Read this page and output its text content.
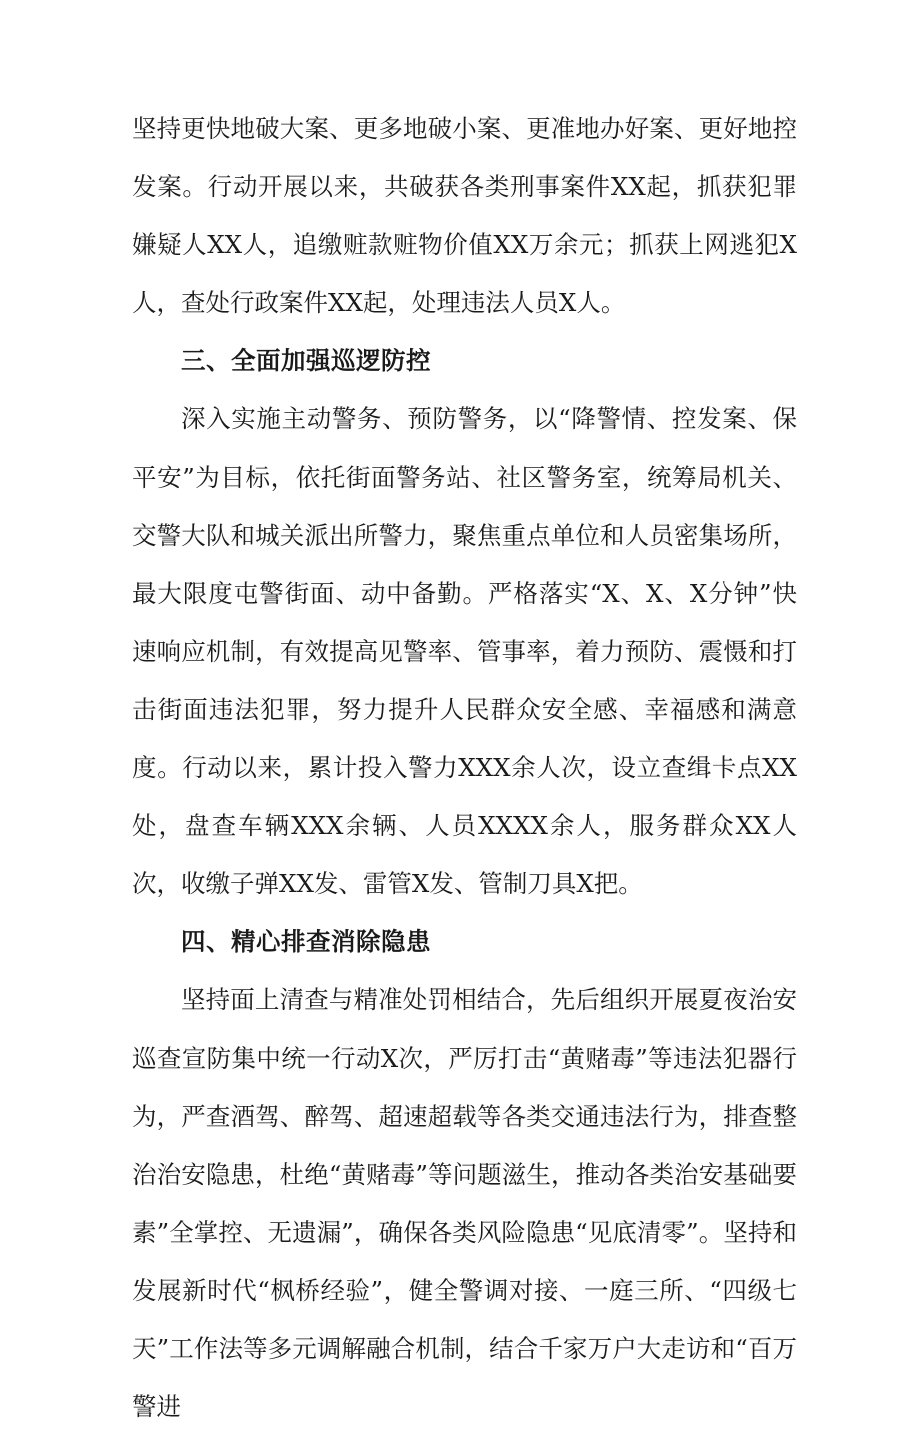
坚持更快地破大案、更多地破小案、更准地办好案、更好地控发案。行动开展以来，共破获各类刑事案件XX起，抓获犯罪嫌疑人XX人，追缴赃款赃物价值XX万余元；抓获上网逃犯X人，查处行政案件XX起，处理违法人员X人。

三、全面加强巡逻防控

深入实施主动警务、预防警务，以“降警情、控发案、保平安”为目标，依托街面警务站、社区警务室，统筹局机关、交警大队和城关派出所警力，聚焦重点单位和人员密集场所，最大限度屯警街面、动中备勤。严格落实“X、X、X分钟”快速响应机制，有效提高见警率、管事率，着力预防、震慑和打击街面违法犯罪，努力提升人民群众安全感、幸福感和满意度。行动以来，累计投入警力XXX余人次，设立查缉卡点XX处，盘查车辆XXX余辆、人员XXXX余人，服务群众XX人次，收缴子弹XX发、雷管X发、管制刀具X把。

四、精心排查消除隐患

坚持面上清查与精准处罚相结合，先后组织开展夏夜治安巡查宣防集中统一行动X次，严厉打击“黄赌毒”等违法犯器行为，严查酒驾、醉驾、超速超载等各类交通违法行为，排查整治治安隐患，杜绝“黄赌毒”等问题滋生，推动各类治安基础要素”全掌控、无遗漏”，确保各类风险隐患“见底清零”。坚持和发展新时代“枫桥经验”，健全警调对接、一庭三所、“四级七天”工作法等多元调解融合机制，结合千家万户大走访和“百万警进
